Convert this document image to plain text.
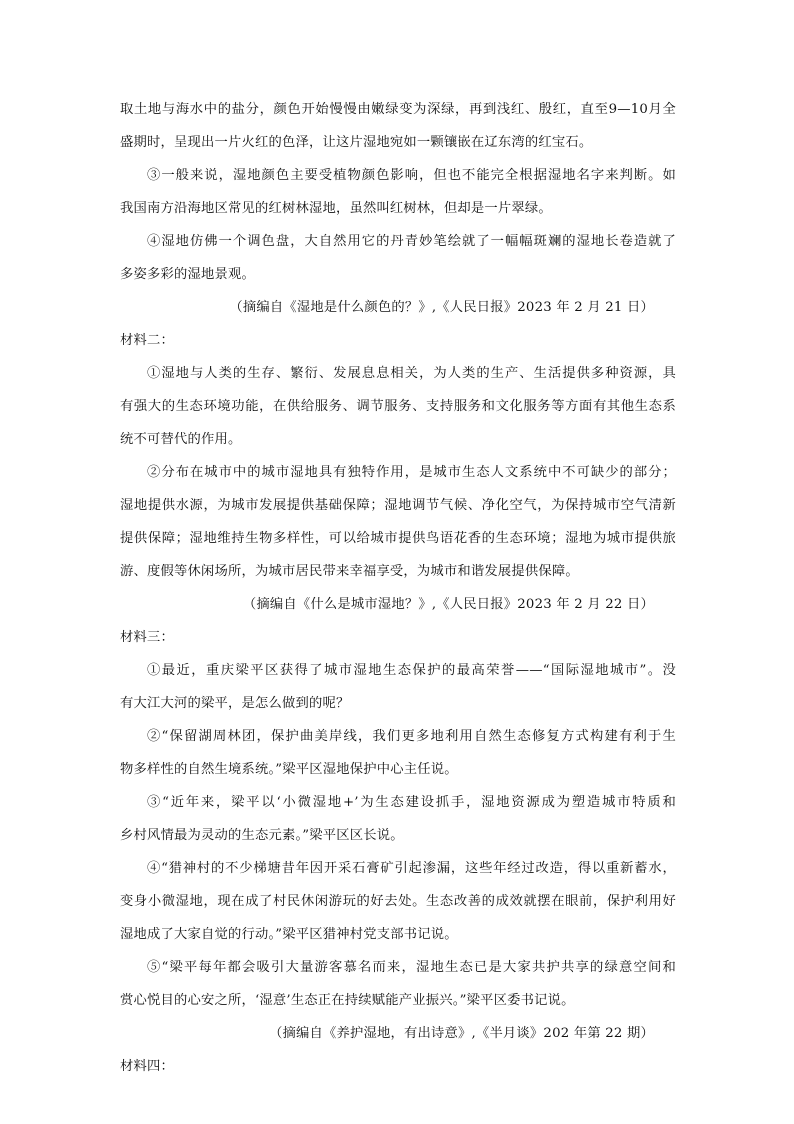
取土地与海水中的盐分，颜色开始慢慢由嫩绿变为深绿，再到浅红、殷红，直至9—10月全
盛期时，呈现出一片火红的色泽，让这片湿地宛如一颗镶嵌在辽东湾的红宝石。
③一般来说，湿地颜色主要受植物颜色影响，但也不能完全根据湿地名字来判断。如
我国南方沿海地区常见的红树林湿地，虽然叫红树林，但却是一片翠绿。
④湿地仿佛一个调色盘，大自然用它的丹青妙笔绘就了一幅幅斑斓的湿地长卷造就了
多姿多彩的湿地景观。
（摘编自《湿地是什么颜色的？》,《人民日报》2023 年 2 月 21 日）
材料二：
①湿地与人类的生存、繁衍、发展息息相关，为人类的生产、生活提供多种资源，具
有强大的生态环境功能，在供给服务、调节服务、支持服务和文化服务等方面有其他生态系
统不可替代的作用。
②分布在城市中的城市湿地具有独特作用，是城市生态人文系统中不可缺少的部分；
湿地提供水源，为城市发展提供基础保障；湿地调节气候、净化空气，为保持城市空气清新
提供保障；湿地维持生物多样性，可以给城市提供鸟语花香的生态环境；湿地为城市提供旅
游、度假等休闲场所，为城市居民带来幸福享受，为城市和谐发展提供保障。
（摘编自《什么是城市湿地？》,《人民日报》2023 年 2 月 22 日）
材料三：
①最近，重庆梁平区获得了城市湿地生态保护的最高荣誉——“国际湿地城市”。没
有大江大河的梁平，是怎么做到的呢？
②“保留湖周林团，保护曲美岸线，我们更多地利用自然生态修复方式构建有利于生
物多样性的自然生境系统。”梁平区湿地保护中心主任说。
③“近年来，梁平以‘小微湿地+’为生态建设抓手，湿地资源成为塑造城市特质和
乡村风情最为灵动的生态元素。”梁平区区长说。
④“猎神村的不少梯塘昔年因开采石膏矿引起渗漏，这些年经过改造，得以重新蓄水，
变身小微湿地，现在成了村民休闲游玩的好去处。生态改善的成效就摆在眼前，保护利用好
湿地成了大家自觉的行动。”梁平区猎神村党支部书记说。
⑤“梁平每年都会吸引大量游客慕名而来，湿地生态已是大家共护共享的绿意空间和
赏心悦目的心安之所，‘湿意’生态正在持续赋能产业振兴。”梁平区委书记说。
（摘编自《养护湿地，有出诗意》,《半月谈》202 年第 22 期）
材料四：
